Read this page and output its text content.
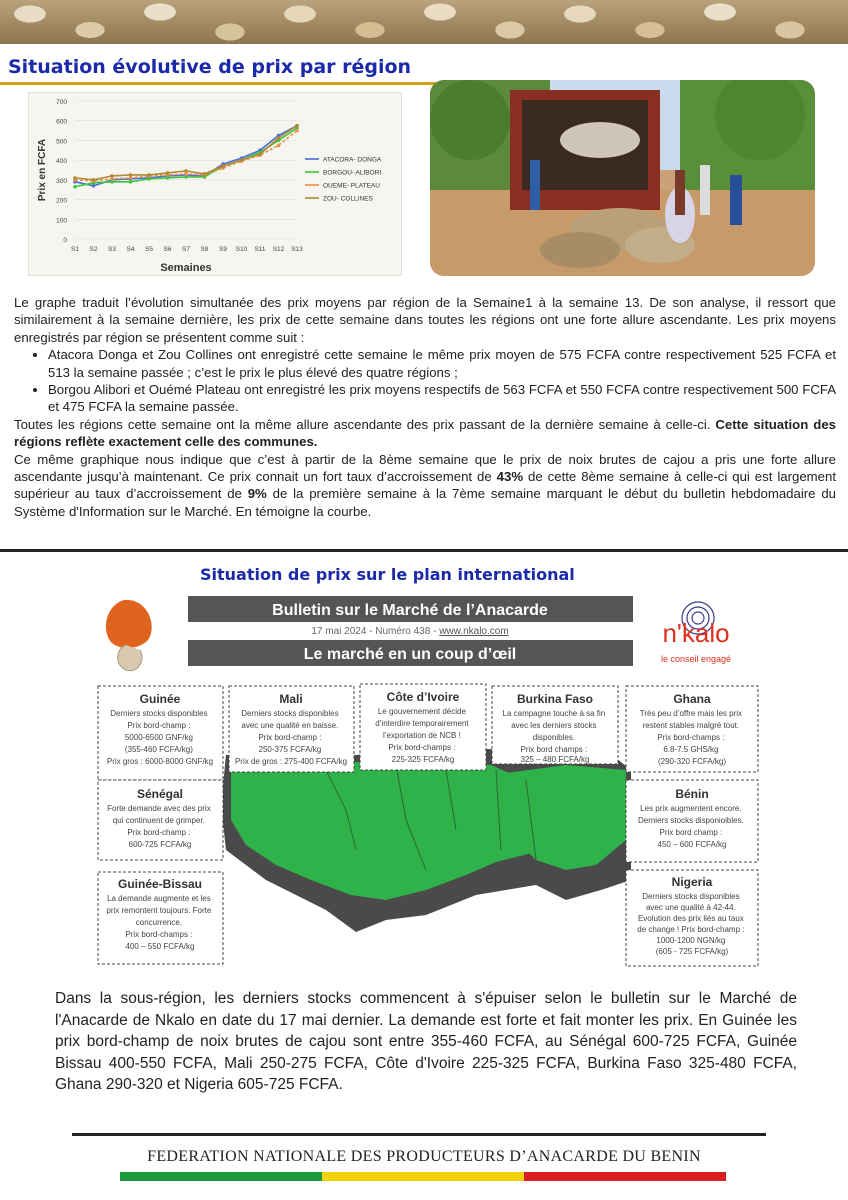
Situation évolutive de prix par région
0
100
200
300
400
500
600
700
S1 S2 S3 S4 S5 S6 S7 S8 S9 S10 S11 S12 S13
Prix en FCFA
Semaines
ATACORA- DONGA
BORGOU- ALIBORI
OUEME- PLATEAU
ZOU- COLLINES

Le graphe traduit l’évolution simultanée des prix moyens par région de la Semaine1 à la semaine 13. De son analyse, il ressort que similairement à la semaine dernière, les prix de cette semaine dans toutes les régions ont une forte allure ascendante. Les prix moyens enregistrés par région se présentent comme suit :

• Atacora Donga et Zou Collines ont enregistré cette semaine le même prix moyen de 575 FCFA contre respectivement 525 FCFA et 513 la semaine passée ; c’est le prix le plus élevé des quatre régions ;
• Borgou Alibori et Ouémé Plateau ont enregistré les prix moyens respectifs de 563 FCFA et 550 FCFA contre respectivement 500 FCFA et 475 FCFA la semaine passée.

Toutes les régions cette semaine ont la même allure ascendante des prix passant de la dernière semaine à celle-ci. Cette situation des régions reflète exactement celle des communes.

Ce même graphique nous indique que c’est à partir de la 8ème semaine que le prix de noix brutes de cajou a pris une forte allure ascendante jusqu’à maintenant. Ce prix connait un fort taux d’accroissement de 43% de cette 8ème semaine à celle-ci qui est largement supérieur au taux d’accroissement de 9% de la première semaine à la 7ème semaine marquant le début du bulletin hebdomadaire du Système d'Information sur le Marché. En témoigne la courbe.

Situation de prix sur le plan international
Bulletin sur le Marché de l’Anacarde
17 mai 2024 - Numéro 438 - www.nkalo.com
Le marché en un coup d’œil
n'kalo
le conseil engagé
Guinée
Derniers stocks disponibles Prix bord-champ : 5000-6500 GNF/kg (355-460 FCFA/kg) Prix gros : 6000-8000 GNF/kg
Mali
Derniers stocks disponibles avec une qualité en baisse. Prix bord-champ : 250-375 FCFA/kg Prix de gros : 275-400 FCFA/kg
Côte d’Ivoire
Le gouvernement décide d’interdire temporairement l’exportation de NCB ! Prix bord-champs : 225-325 FCFA/kg
Burkina Faso
La campagne touche à sa fin avec les derniers stocks disponibles. Prix bord champs : 325 – 480 FCFA/kg
Ghana
Très peu d’offre mais les prix restent stables malgré tout. Prix bord-champs : 6.8-7.5 GHS/kg (290-320 FCFA/kg)
Sénégal
Forte demande avec des prix qui continuent de grimper. Prix bord-champ : 600-725 FCFA/kg
Bénin
Les prix augmentent encore. Derniers stocks disponioibles. Prix bord champ : 450 – 600 FCFA/kg
Guinée-Bissau
La demande augmente et les prix remontent toujours. Forte concurrence. Prix bord-champs : 400 – 550 FCFA/kg
Nigeria
Derniers stocks disponibles avec une qualité à 42-44. Evolution des prix liés au taux de change ! Prix bord-champ : 1000-1200 NGN/kg (605 - 725 FCFA/kg)
Dans la sous-région, les derniers stocks commencent à s'épuiser selon le bulletin sur le Marché de l'Anacarde de Nkalo en date du 17 mai dernier. La demande est forte et fait monter les prix. En Guinée les prix bord-champ de noix brutes de cajou sont entre 355-460 FCFA, au Sénégal 600-725 FCFA, Guinée Bissau 400-550 FCFA, Mali 250-275 FCFA, Côte d'Ivoire 225-325 FCFA, Burkina Faso 325-480 FCFA, Ghana 290-320 et Nigeria 605-725 FCFA.
FEDERATION NATIONALE DES PRODUCTEURS D’ANACARDE DU BENIN
